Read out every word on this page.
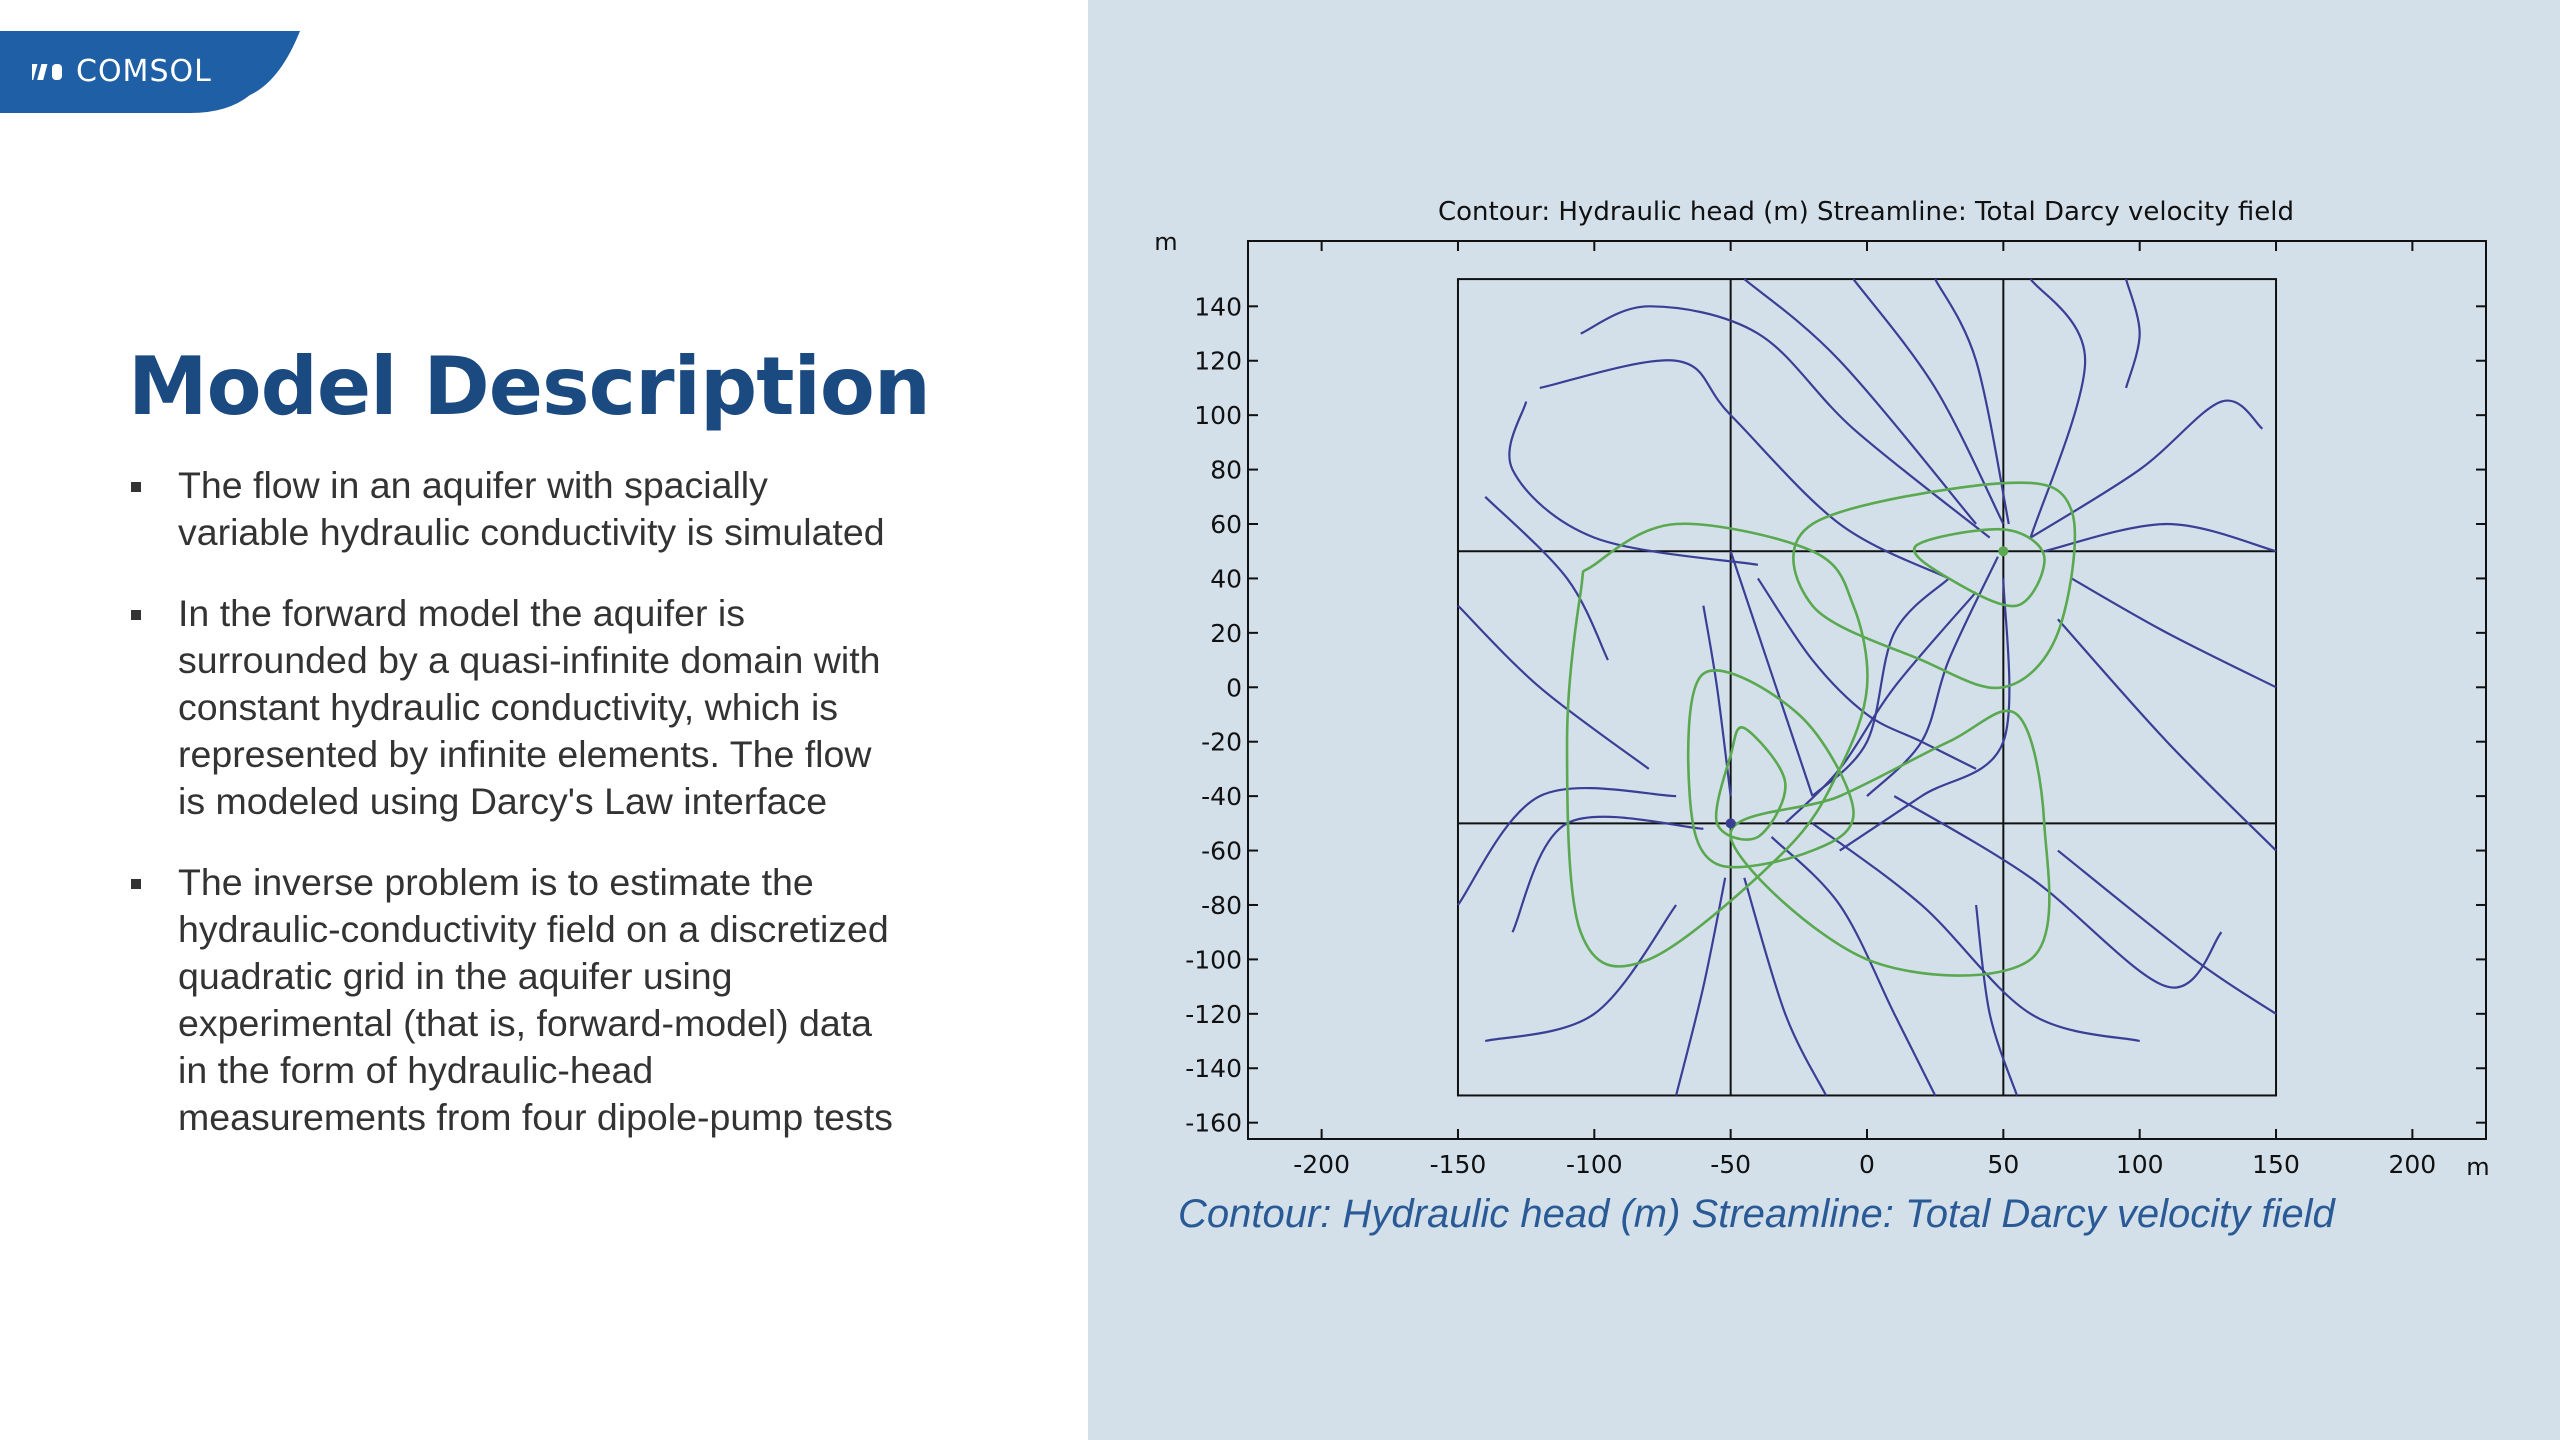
COMSOL
Model Description
The flow in an aquifer with spacially
variable hydraulic conductivity is simulated
In the forward model the aquifer is
surrounded by a quasi-infinite domain with
constant hydraulic conductivity, which is
represented by infinite elements. The flow
is modeled using Darcy's Law interface
The inverse problem is to estimate the
hydraulic-conductivity field on a discretized
quadratic grid in the aquifer using
experimental (that is, forward-model) data
in the form of hydraulic-head
measurements from four dipole-pump tests
Contour: Hydraulic head (m) Streamline: Total Darcy velocity field
m
m
-200	-150	-100	-50	0	50	100	150	200
140
120
100
80
60
40
20
0
-20
-40
-60
-80
-100
-120
-140
-160
Contour: Hydraulic head (m) Streamline: Total Darcy velocity field
